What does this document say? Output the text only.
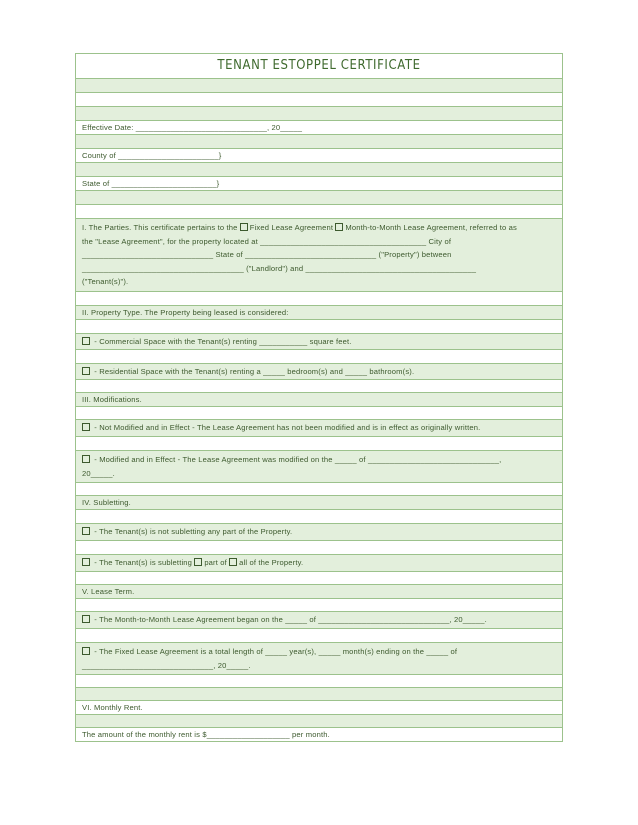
TENANT ESTOPPEL CERTIFICATE
Effective Date: ______________________________, 20_____
County of _______________________}
State of ________________________}
I. The Parties. This certificate pertains to the Fixed Lease Agreement Month-to-Month Lease Agreement, referred to as
the "Lease Agreement", for the property located at ______________________________________ City of
______________________________ State of ______________________________ ("Property") between
_____________________________________ ("Landlord") and _______________________________________
("Tenant(s)").
II. Property Type. The Property being leased is considered:
- Commercial Space with the Tenant(s) renting ___________ square feet.
- Residential Space with the Tenant(s) renting a _____ bedroom(s) and _____ bathroom(s).
III. Modifications.
- Not Modified and in Effect - The Lease Agreement has not been modified and is in effect as originally written.
- Modified and in Effect - The Lease Agreement was modified on the _____ of ______________________________,
20_____.
IV. Subletting.
- The Tenant(s) is not subletting any part of the Property.
- The Tenant(s) is subletting part of all of the Property.
V. Lease Term.
- The Month-to-Month Lease Agreement began on the _____ of ______________________________, 20_____.
- The Fixed Lease Agreement is a total length of _____ year(s), _____ month(s) ending on the _____ of
______________________________, 20_____.
VI. Monthly Rent.
The amount of the monthly rent is $___________________ per month.
